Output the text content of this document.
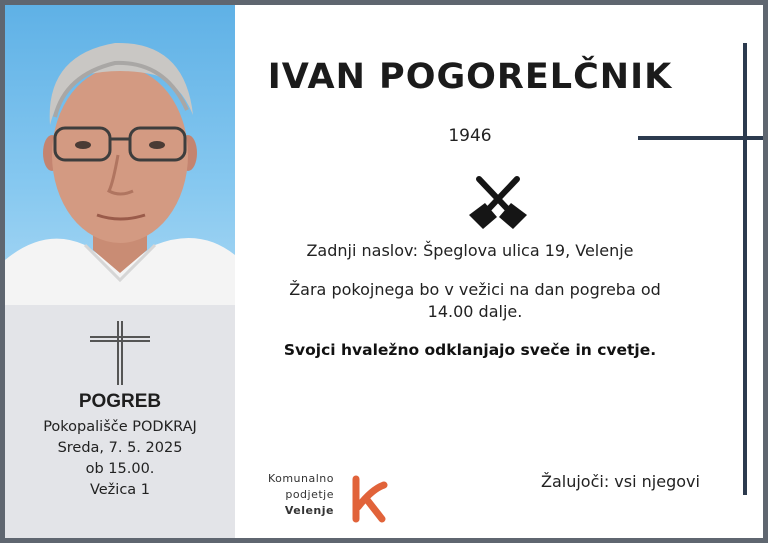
POGREB
Pokopališče PODKRAJ
Sreda, 7. 5. 2025
ob 15.00.
Vežica 1
IVAN POGORELČNIK
1946
Zadnji naslov: Špeglova ulica 19, Velenje
Žara pokojnega bo v vežici na dan pogreba od
14.00 dalje.
Svojci hvaležno odklanjajo sveče in cvetje.
Komunalno
podjetje
Velenje
Žalujoči: vsi njegovi
